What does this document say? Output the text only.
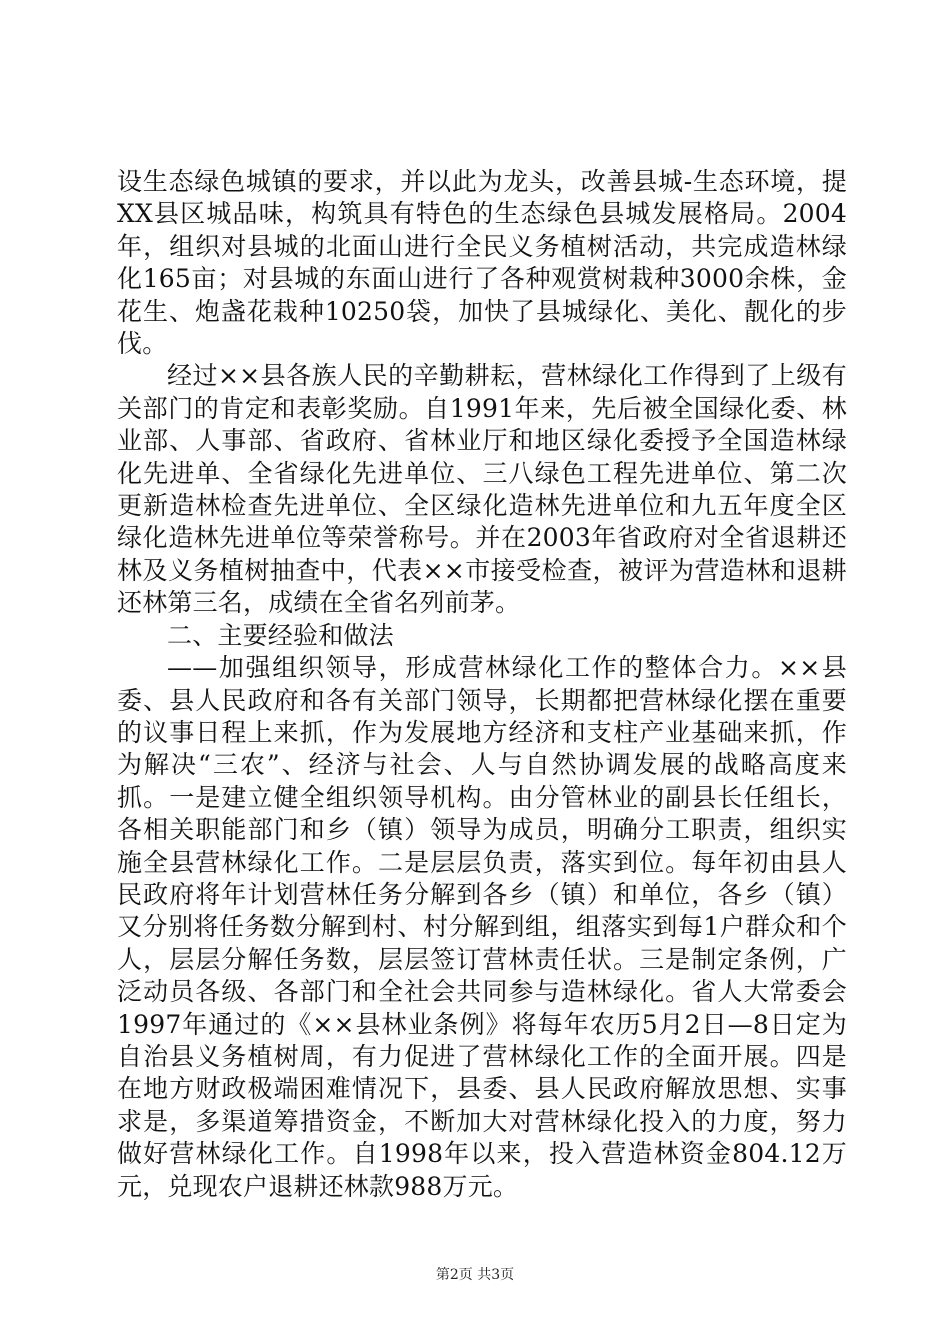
设生态绿色城镇的要求，并以此为龙头，改善县城-生态环境，提XX县区城品味，构筑具有特色的生态绿色县城发展格局。2004年，组织对县城的北面山进行全民义务植树活动，共完成造林绿化165亩；对县城的东面山进行了各种观赏树栽种3000余株，金花生、炮盏花栽种10250袋，加快了县城绿化、美化、靓化的步伐。

经过××县各族人民的辛勤耕耘，营林绿化工作得到了上级有关部门的肯定和表彰奖励。自1991年来，先后被全国绿化委、林业部、人事部、省政府、省林业厅和地区绿化委授予全国造林绿化先进单、全省绿化先进单位、三八绿色工程先进单位、第二次更新造林检查先进单位、全区绿化造林先进单位和九五年度全区绿化造林先进单位等荣誉称号。并在2003年省政府对全省退耕还林及义务植树抽查中，代表××市接受检查，被评为营造林和退耕还林第三名，成绩在全省名列前茅。

二、主要经验和做法

——加强组织领导，形成营林绿化工作的整体合力。××县委、县人民政府和各有关部门领导，长期都把营林绿化摆在重要的议事日程上来抓，作为发展地方经济和支柱产业基础来抓，作为解决“三农”、经济与社会、人与自然协调发展的战略高度来抓。一是建立健全组织领导机构。由分管林业的副县长任组长，各相关职能部门和乡（镇）领导为成员，明确分工职责，组织实施全县营林绿化工作。二是层层负责，落实到位。每年初由县人民政府将年计划营林任务分解到各乡（镇）和单位，各乡（镇）又分别将任务数分解到村、村分解到组，组落实到每1户群众和个人，层层分解任务数，层层签订营林责任状。三是制定条例，广泛动员各级、各部门和全社会共同参与造林绿化。省人大常委会1997年通过的《××县林业条例》将每年农历5月2日—8日定为自治县义务植树周，有力促进了营林绿化工作的全面开展。四是在地方财政极端困难情况下，县委、县人民政府解放思想、实事求是，多渠道筹措资金，不断加大对营林绿化投入的力度，努力做好营林绿化工作。自1998年以来，投入营造林资金804.12万元，兑现农户退耕还林款988万元。

第2页 共3页
